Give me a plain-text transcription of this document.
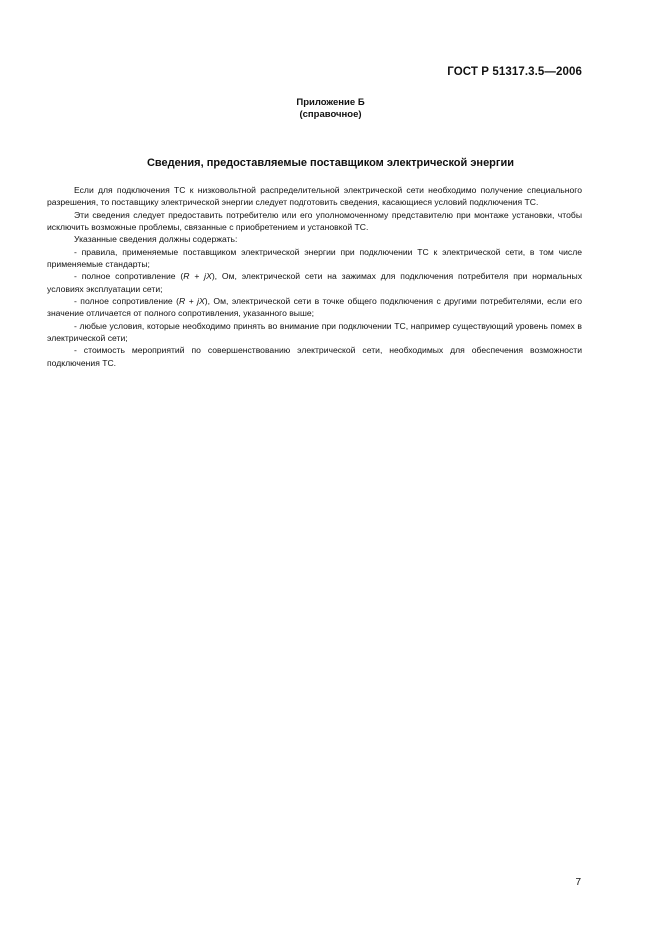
ГОСТ Р 51317.3.5—2006
Приложение Б
(справочное)
Сведения, предоставляемые поставщиком электрической энергии

Если для подключения ТС к низковольтной распределительной электрической сети необходимо получение специального разрешения, то поставщику электрической энергии следует подготовить сведения, касающиеся условий подключения ТС.

Эти сведения следует предоставить потребителю или его уполномоченному представителю при монтаже установки, чтобы исключить возможные проблемы, связанные с приобретением и установкой ТС.

Указанные сведения должны содержать:

- правила, применяемые поставщиком электрической энергии при подключении ТС к электрической сети, в том числе применяемые стандарты;

- полное сопротивление (R + jX), Ом, электрической сети на зажимах для подключения потребителя при нормальных условиях эксплуатации сети;

- полное сопротивление (R + jX), Ом, электрической сети в точке общего подключения с другими потребителями, если его значение отличается от полного сопротивления, указанного выше;

- любые условия, которые необходимо принять во внимание при подключении ТС, например существующий уровень помех в электрической сети;

- стоимость мероприятий по совершенствованию электрической сети, необходимых для обеспечения возможности подключения ТС.

7
